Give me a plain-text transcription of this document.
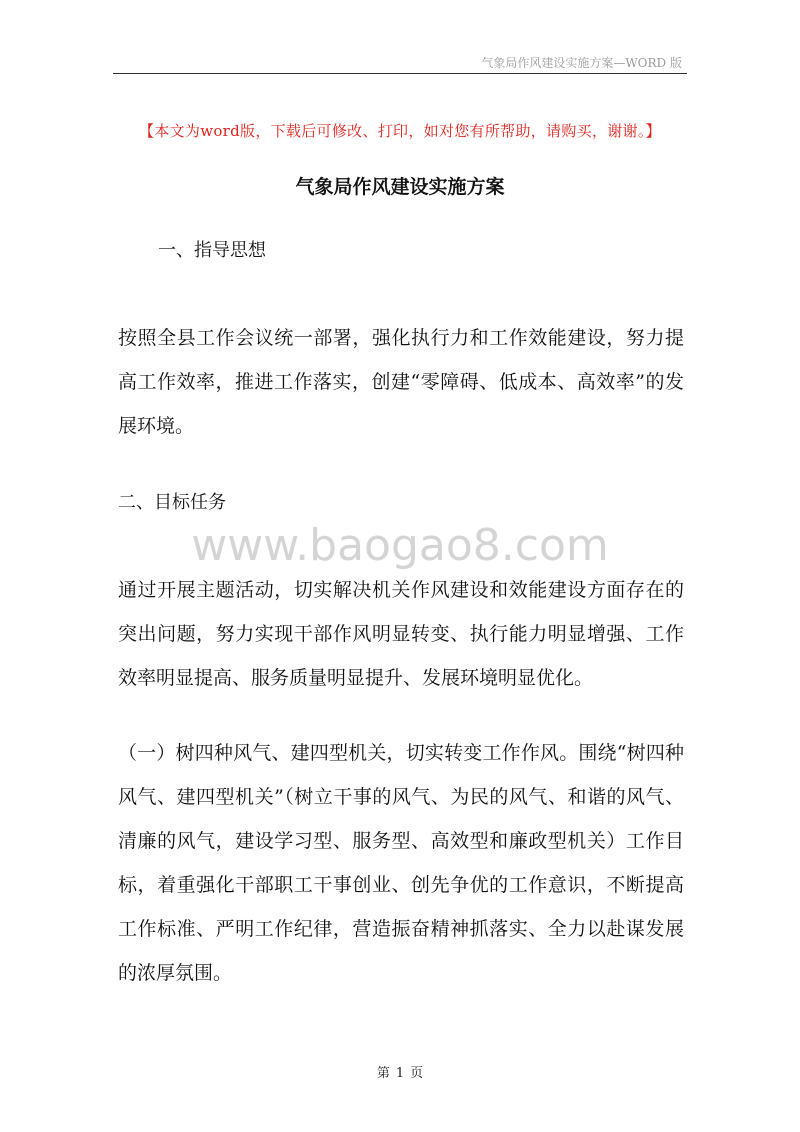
气象局作风建设实施方案—WORD 版
【本文为word版，下载后可修改、打印，如对您有所帮助，请购买，谢谢。】
气象局作风建设实施方案
一、指导思想

按照全县工作会议统一部署，强化执行力和工作效能建设，努力提高工作效率，推进工作落实，创建“零障碍、低成本、高效率”的发展环境。

二、目标任务
www.baogao8.com

通过开展主题活动，切实解决机关作风建设和效能建设方面存在的突出问题，努力实现干部作风明显转变、执行能力明显增强、工作效率明显提高、服务质量明显提升、发展环境明显优化。

（一）树四种风气、建四型机关，切实转变工作作风。围绕“树四种风气、建四型机关”（树立干事的风气、为民的风气、和谐的风气、清廉的风气，建设学习型、服务型、高效型和廉政型机关）工作目标，着重强化干部职工干事创业、创先争优的工作意识，不断提高工作标准、严明工作纪律，营造振奋精神抓落实、全力以赴谋发展的浓厚氛围。

第 1 页
